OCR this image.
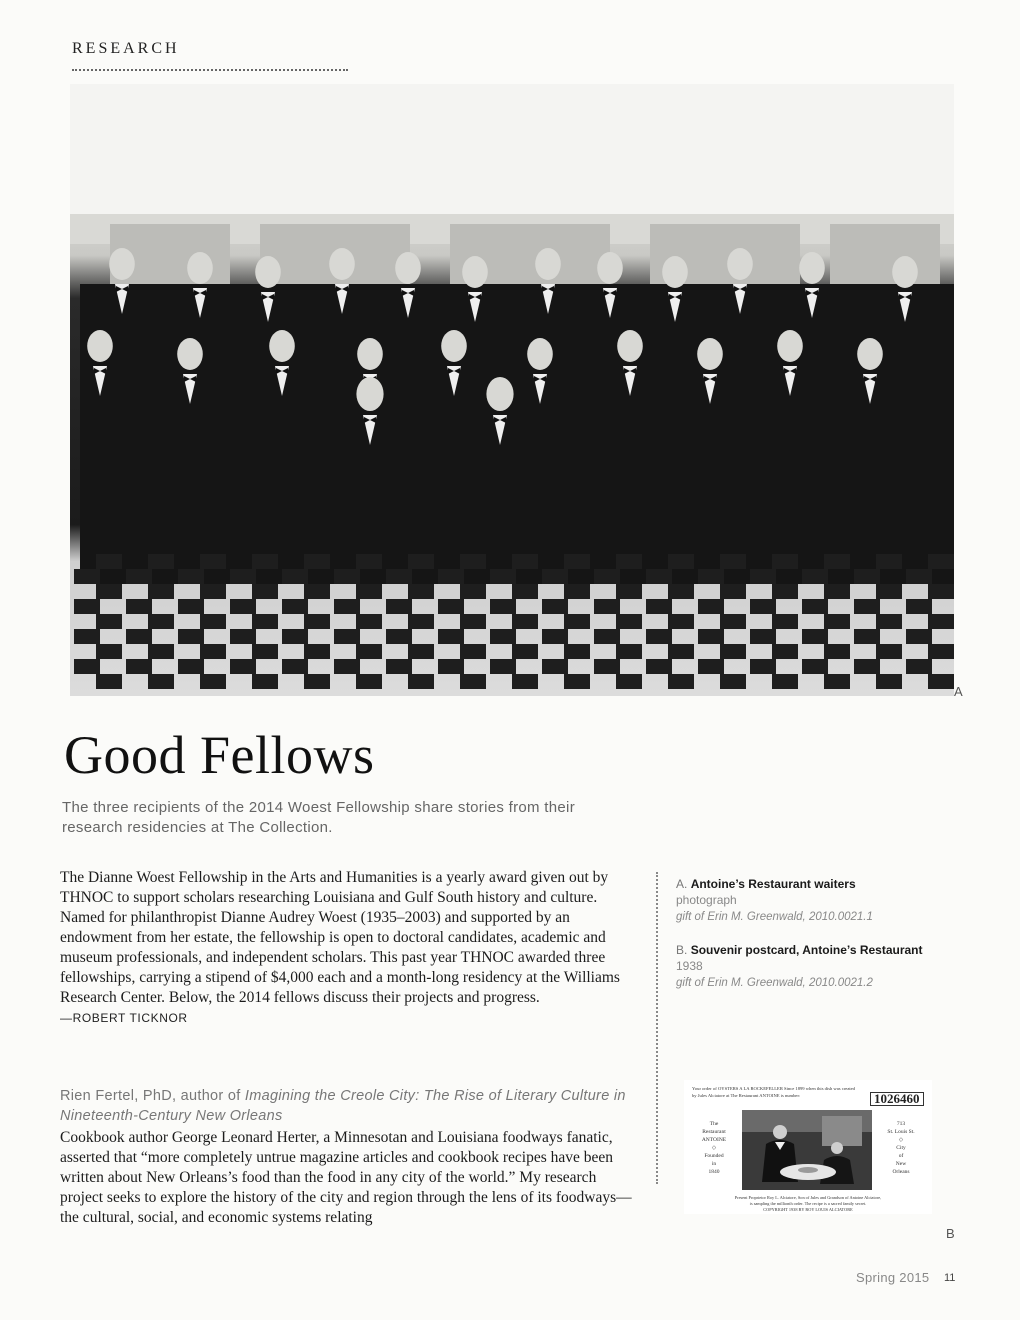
RESEARCH
A
Good Fellows
The three recipients of the 2014 Woest Fellowship share stories from their research residencies at The Collection.
The Dianne Woest Fellowship in the Arts and Humanities is a yearly award given out by THNOC to support scholars researching Louisiana and Gulf South history and culture. Named for philanthropist Dianne Audrey Woest (1935–2003) and supported by an endowment from her estate, the fellowship is open to doctoral candidates, academic and museum professionals, and independent scholars. This past year THNOC awarded three fellowships, carrying a stipend of $4,000 each and a month-long residency at the Williams Research Center. Below, the 2014 fellows discuss their projects and progress.
—ROBERT TICKNOR
Rien Fertel, PhD, author of Imagining the Creole City: The Rise of Literary Culture in Nineteenth-Century New Orleans
Cookbook author George Leonard Herter, a Minnesotan and Louisiana foodways fanatic, asserted that “more completely untrue magazine articles and cookbook recipes have been written about New Orleans’s food than the food in any city of the world.” My research project seeks to explore the history of the city and region through the lens of its foodways—the cultural, social, and economic systems relating
A. Antoine’s Restaurant waiters
photograph
gift of Erin M. Greenwald, 2010.0021.1
B. Souvenir postcard, Antoine’s Restaurant
1938
gift of Erin M. Greenwald, 2010.0021.2
Your order of OYSTERS A LA ROCKEFELLER Since 1899 when this dish was created
by Jules Alciatore at The Restaurant ANTOINE is number:	1026460
The
Restaurant
ANTOINE
◇
Founded
in
1840
713
St. Louis St.
◇
City
of
New
Orleans
Present Proprietor Roy L. Alciatore, Son of Jules and Grandson of Antoine Alciatore,
is sampling the millionth order. The recipe is a sacred family secret.
COPYRIGHT 1938 BY ROY LOUIS ALCIATORE
B
Spring 2015 11
